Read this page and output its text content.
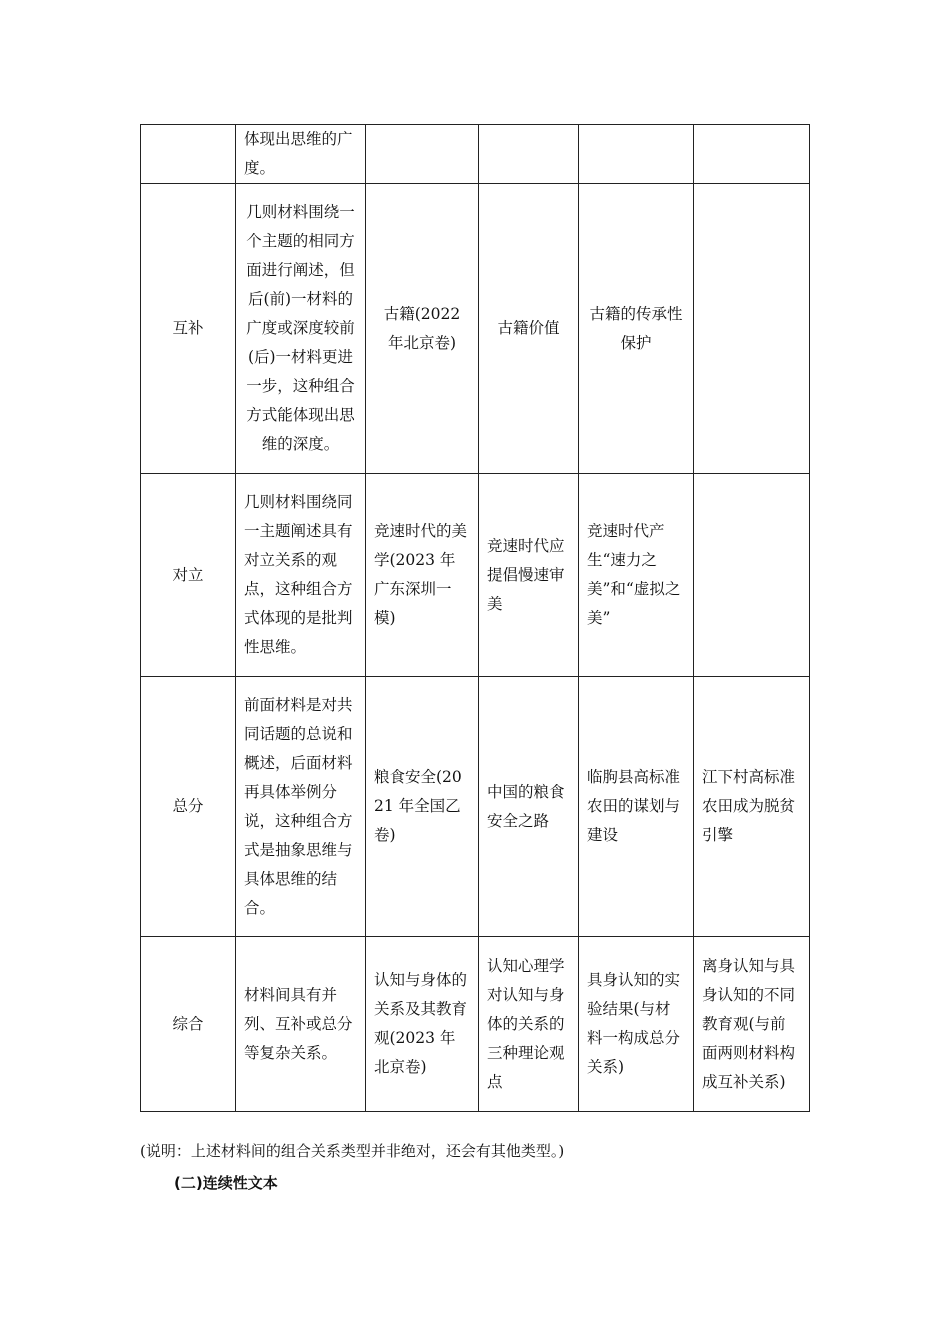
	体现出思维的广度。				
互补	几则材料围绕一个主题的相同方面进行阐述，但后(前)一材料的广度或深度较前(后)一材料更进一步，这种组合方式能体现出思维的深度。	古籍(2022 年北京卷)	古籍价值	古籍的传承性保护	
对立	几则材料围绕同一主题阐述具有对立关系的观点，这种组合方式体现的是批判性思维。	竞速时代的美学(2023 年广东深圳一模)	竞速时代应提倡慢速审美	竞速时代产生“速力之美”和“虚拟之美”	
总分	前面材料是对共同话题的总说和概述，后面材料再具体举例分说，这种组合方式是抽象思维与具体思维的结合。	粮食安全(2021 年全国乙卷)	中国的粮食安全之路	临朐县高标准农田的谋划与建设	江下村高标准农田成为脱贫引擎
综合	材料间具有并列、互补或总分等复杂关系。	认知与身体的关系及其教育观(2023 年北京卷)	认知心理学对认知与身体的关系的三种理论观点	具身认知的实验结果(与材料一构成总分关系)	离身认知与具身认知的不同教育观(与前面两则材料构成互补关系)
(说明：上述材料间的组合关系类型并非绝对，还会有其他类型。)
(二)连续性文本
